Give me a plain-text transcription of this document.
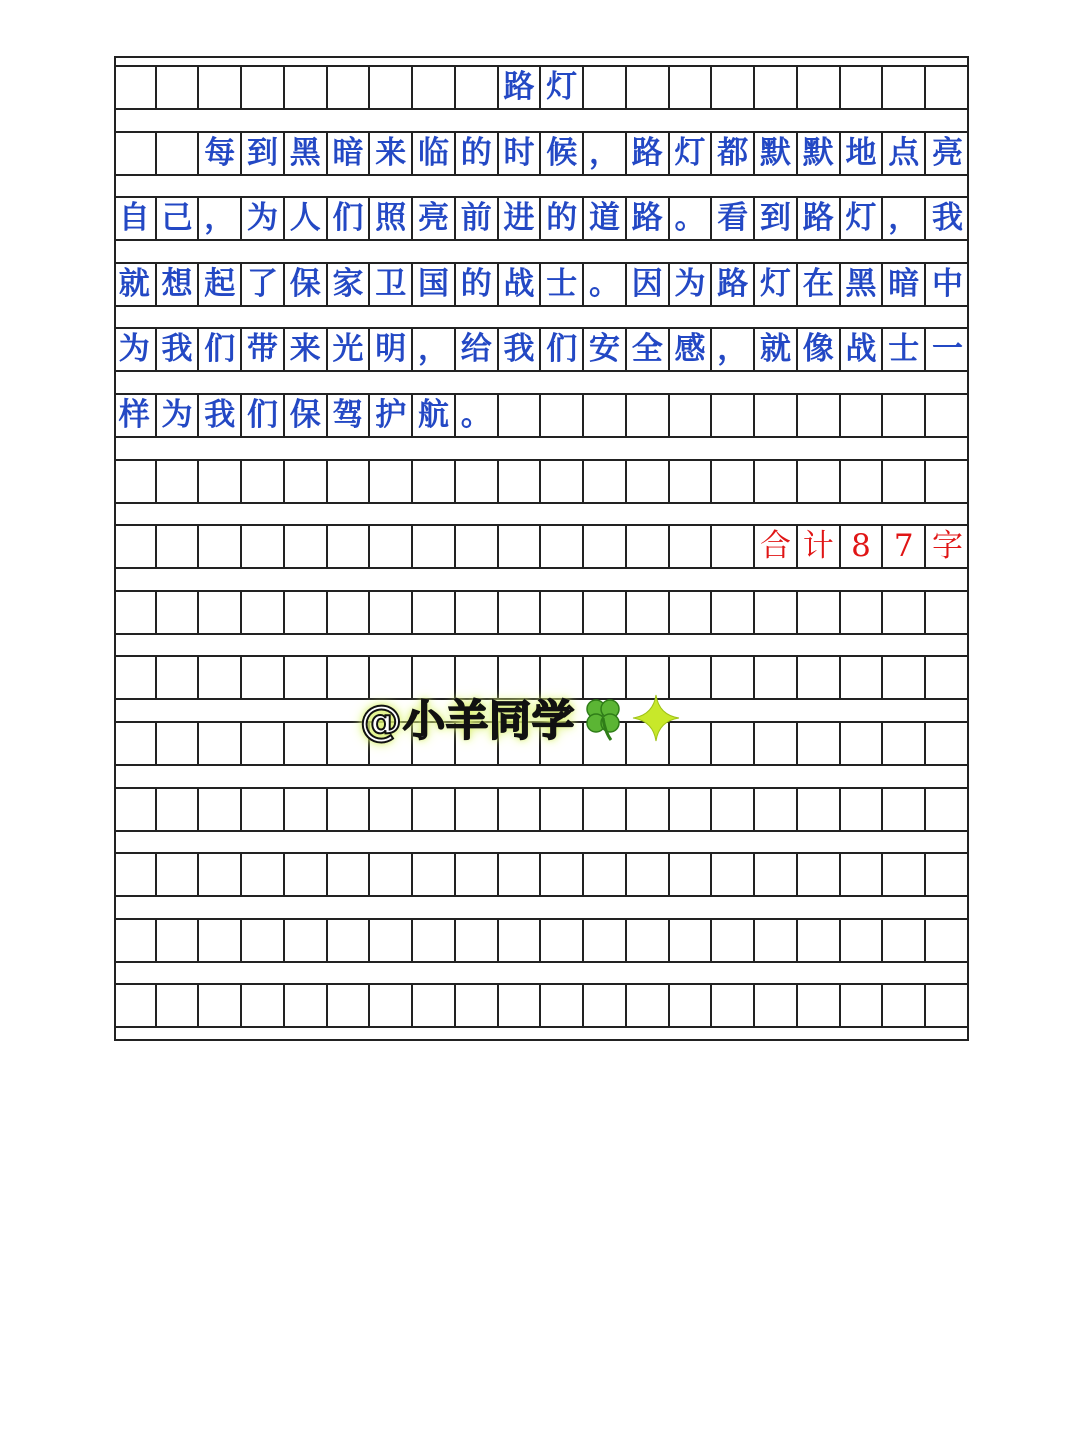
路 灯
每 到 黑 暗 来 临 的 时 候 ， 路 灯 都 默 默 地 点 亮
自 己 ， 为 人 们 照 亮 前 进 的 道 路 。 看 到 路 灯 ， 我
就 想 起 了 保 家 卫 国 的 战 士 。 因 为 路 灯 在 黑 暗 中
为 我 们 带 来 光 明 ， 给 我 们 安 全 感 ， 就 像 战 士 一
样 为 我 们 保 驾 护 航 。
合 计 8 7 字
@小羊同学
